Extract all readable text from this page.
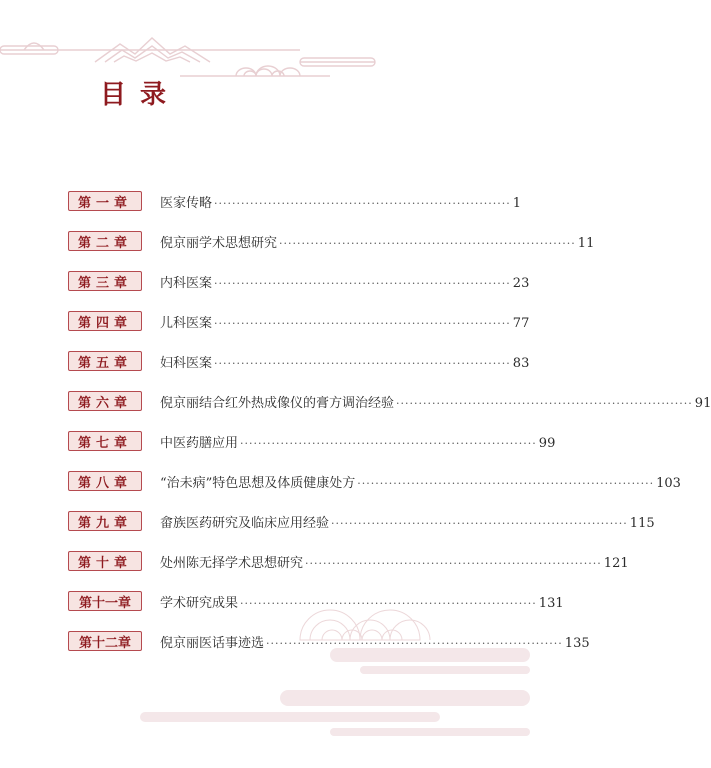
目录
第一章	医家传略 ·································································· 1
第二章	倪京丽学术思想研究 ·································································· 11
第三章	内科医案 ·································································· 23
第四章	儿科医案 ·································································· 77
第五章	妇科医案 ·································································· 83
第六章	倪京丽结合红外热成像仪的膏方调治经验 ·································································· 91
第七章	中医药膳应用 ·································································· 99
第八章	“治未病”特色思想及体质健康处方 ·································································· 103
第九章	畲族医药研究及临床应用经验 ·································································· 115
第十章	处州陈无择学术思想研究 ·································································· 121
第十一章	学术研究成果 ·································································· 131
第十二章	倪京丽医话事迹选 ·································································· 135
